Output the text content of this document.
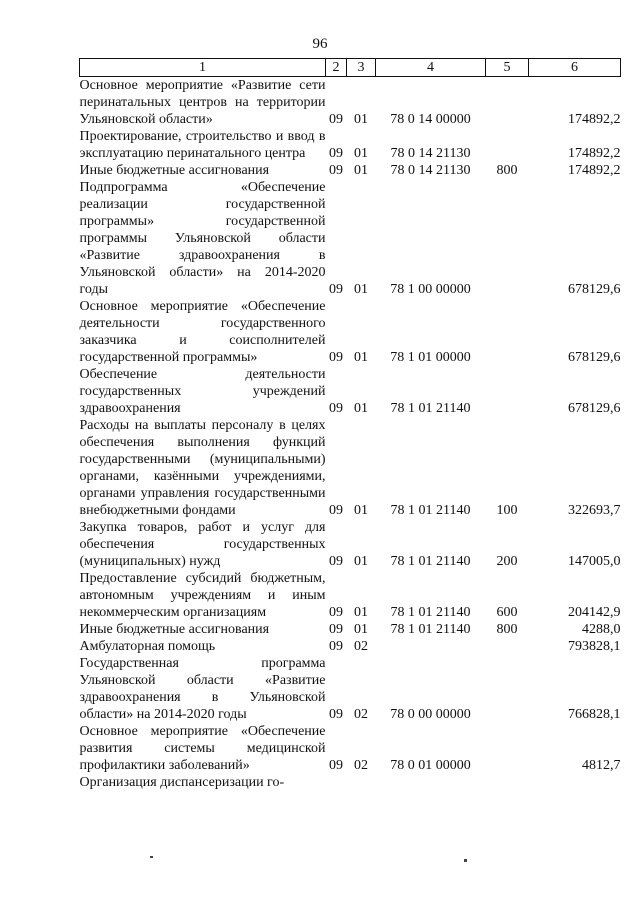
96
1	2	3	4	5	6
Основное мероприятие «Развитие сети перинатальных центров на территории Ульяновской области»	09	01	78 0 14 00000		174892,2
Проектирование, строительство и ввод в эксплуатацию перинатального центра	09	01	78 0 14 21130		174892,2
Иные бюджетные ассигнования	09	01	78 0 14 21130	800	174892,2
Подпрограмма «Обеспечение реализации государственной программы» государственной программы Ульяновской области «Развитие здравоохранения в Ульяновской области» на 2014-2020 годы	09	01	78 1 00 00000		678129,6
Основное мероприятие «Обеспечение деятельности государственного заказчика и соисполнителей государственной программы»	09	01	78 1 01 00000		678129,6
Обеспечение деятельности государственных учреждений здравоохранения	09	01	78 1 01 21140		678129,6
Расходы на выплаты персоналу в целях обеспечения выполнения функций государственными (муниципальными) органами, казёнными учреждениями, органами управления государственными внебюджетными фондами	09	01	78 1 01 21140	100	322693,7
Закупка товаров, работ и услуг для обеспечения государственных (муниципальных) нужд	09	01	78 1 01 21140	200	147005,0
Предоставление субсидий бюджетным, автономным учреждениям и иным некоммерческим организациям	09	01	78 1 01 21140	600	204142,9
Иные бюджетные ассигнования	09	01	78 1 01 21140	800	4288,0
Амбулаторная помощь	09	02			793828,1
Государственная программа Ульяновской области «Развитие здравоохранения в Ульяновской области» на 2014-2020 годы	09	02	78 0 00 00000		766828,1
Основное мероприятие «Обеспечение развития системы медицинской профилактики заболеваний»	09	02	78 0 01 00000		4812,7
Организация диспансеризации го-					
